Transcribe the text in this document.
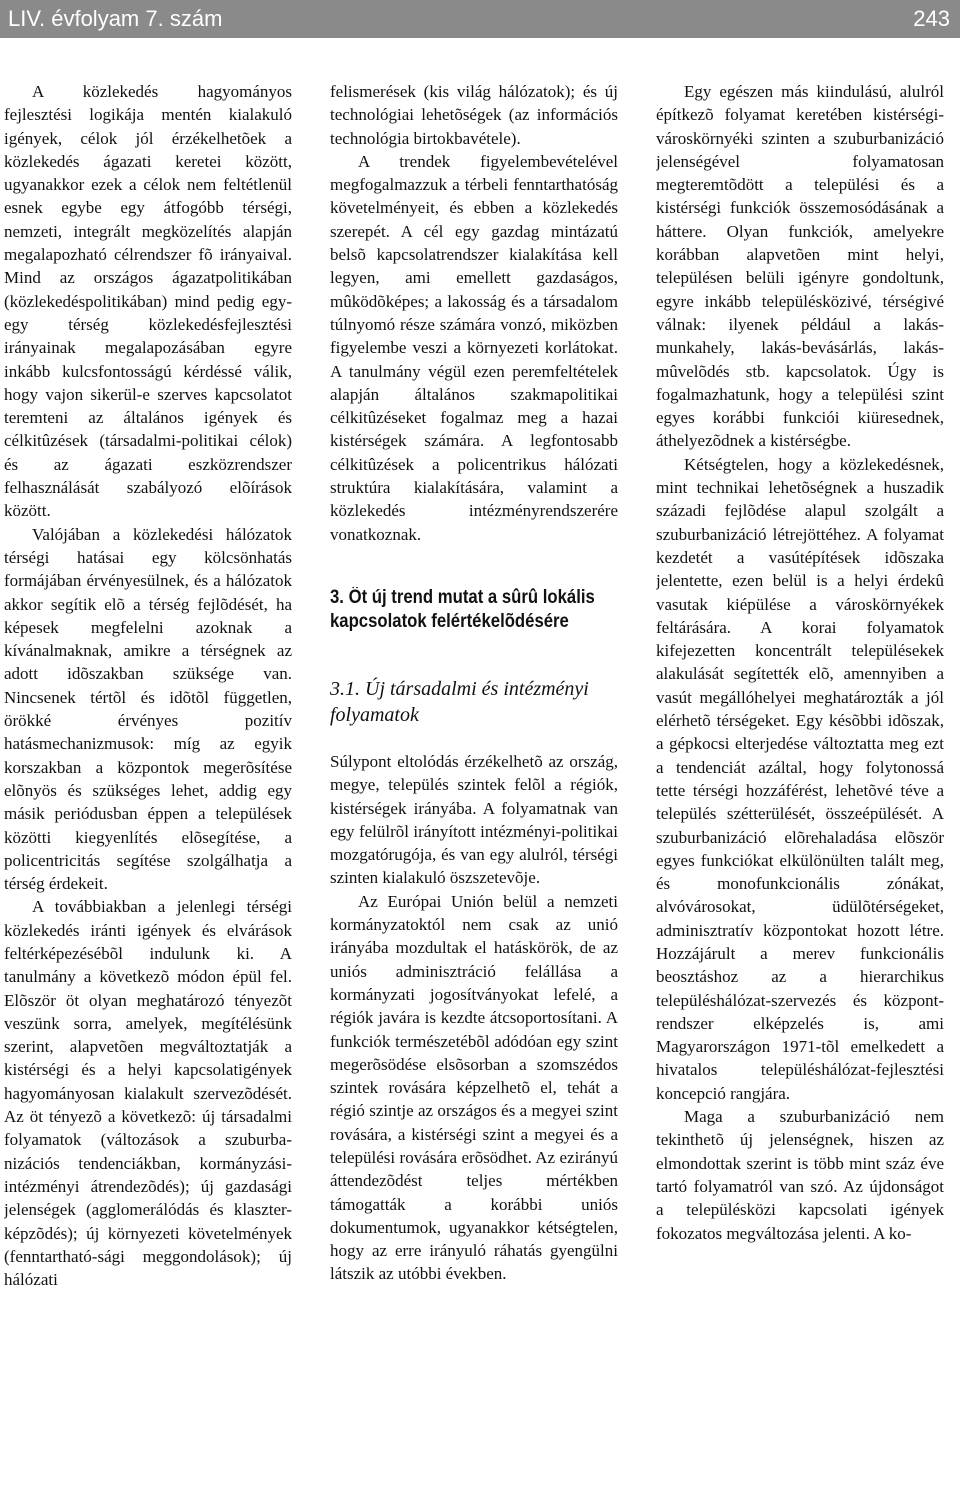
LIV. évfolyam 7. szám	243

A közlekedés hagyományos fejlesztési logikája mentén kialakuló igények, célok jól érzékelhetõek a közlekedés ágazati keretei között, ugyanakkor ezek a célok nem feltétlenül esnek egybe egy átfogóbb térségi, nemzeti, integrált megközelítés alapján megalapozható célrendszer fõ irányaival. Mind az országos ágazatpolitikában (közlekedéspolitikában) mind pedig egy-egy térség közlekedésfejlesztési irányainak megalapozásában egyre inkább kulcsfontosságú kérdéssé válik, hogy vajon sikerül-e szerves kapcsolatot teremteni az általános igények és célkitûzések (társadalmi-politikai célok) és az ágazati eszközrendszer felhasználását szabályozó elõírások között.

Valójában a közlekedési hálózatok térségi hatásai egy kölcsönhatás formájában érvényesülnek, és a hálózatok akkor segítik elõ a térség fejlõdését, ha képesek megfelelni azoknak a kívánalmaknak, amikre a térségnek az adott idõszakban szüksége van. Nincsenek tértõl és idõtõl független, örökké érvényes pozitív hatásmechanizmusok: míg az egyik korszakban a központok megerõsítése elõnyös és szükséges lehet, addig egy másik periódusban éppen a települések közötti kiegyenlítés elõsegítése, a policentricitás segítése szolgálhatja a térség érdekeit.

A továbbiakban a jelenlegi térségi közlekedés iránti igények és elvárások feltérképezésébõl indulunk ki. A tanulmány a következõ módon épül fel. Elõször öt olyan meghatározó tényezõt veszünk sorra, amelyek, megítélésünk szerint, alapvetõen megváltoztatják a kistérségi és a helyi kapcsolatigények hagyományosan kialakult szervezõdését. Az öt tényezõ a következõ: új társadalmi folyamatok (változások a szuburba-nizációs tendenciákban, kormányzási-intézményi átrendezõdés); új gazdasági jelenségek (agglomerálódás és klaszter-képzõdés); új környezeti követelmények (fenntartható-sági meggondolások); új hálózati

felismerések (kis világ hálózatok); és új technológiai lehetõségek (az információs technológia birtokbavétele).

A trendek figyelembevételével megfogalmazzuk a térbeli fenntarthatóság követelményeit, és ebben a közlekedés szerepét. A cél egy gazdag mintázatú belsõ kapcsolatrendszer kialakítása kell legyen, ami emellett gazdaságos, mûködõképes; a lakosság és a társadalom túlnyomó része számára vonzó, miközben figyelembe veszi a környezeti korlátokat. A tanulmány végül ezen peremfeltételek alapján általános szakmapolitikai célkitûzéseket fogalmaz meg a hazai kistérségek számára. A legfontosabb célkitûzések a policentrikus hálózati struktúra kialakítására, valamint a közlekedés intézményrendszerére vonatkoznak.

3. Öt új trend mutat a sûrû lokális kapcsolatok felértékelõdésére
3.1. Új társadalmi és intézményi folyamatok

Súlypont eltolódás érzékelhetõ az ország, megye, település szintek felõl a régiók, kistérségek irányába. A folyamatnak van egy felülrõl irányított intézményi-politikai mozgatórugója, és van egy alulról, térségi szinten kialakuló öszszetevõje.

Az Európai Unión belül a nemzeti kormányzatoktól nem csak az unió irányába mozdultak el hatáskörök, de az uniós adminisztráció felállása a kormányzati jogosítványokat lefelé, a régiók javára is kezdte átcsoportosítani. A funkciók természetébõl adódóan egy szint megerõsödése elsõsorban a szomszédos szintek rovására képzelhetõ el, tehát a régió szintje az országos és a megyei szint rovására, a kistérségi szint a megyei és a települési rovására erõsödhet. Az ezirányú áttendezõdést teljes mértékben támogatták a korábbi uniós dokumentumok, ugyanakkor kétségtelen, hogy az erre irányuló ráhatás gyengülni látszik az utóbbi években.

Egy egészen más kiindulású, alulról építkezõ folyamat keretében kistérségi-városkörnyéki szinten a szuburbanizáció jelenségével folyamatosan megteremtõdött a települési és a kistérségi funkciók összemosódásának a háttere. Olyan funkciók, amelyekre korábban alapvetõen mint helyi, településen belüli igényre gondoltunk, egyre inkább településközivé, térségivé válnak: ilyenek például a lakás-munkahely, lakás-bevásárlás, lakás-mûvelõdés stb. kapcsolatok. Úgy is fogalmazhatunk, hogy a települési szint egyes korábbi funkciói kiüresednek, áthelyezõdnek a kistérségbe.

Kétségtelen, hogy a közlekedésnek, mint technikai lehetõségnek a huszadik századi fejlõdése alapul szolgált a szuburbanizáció létrejöttéhez. A folyamat kezdetét a vasútépítések idõszaka jelentette, ezen belül is a helyi érdekû vasutak kiépülése a városkörnyékek feltárására. A korai folyamatok kifejezetten koncentrált településekek alakulását segítették elõ, amennyiben a vasút megállóhelyei meghatározták a jól elérhetõ térségeket. Egy késõbbi idõszak, a gépkocsi elterjedése változtatta meg ezt a tendenciát azáltal, hogy folytonossá tette térségi hozzáférést, lehetõvé téve a település szétterülését, összeépülését. A szuburbanizáció elõrehaladása elõször egyes funkciókat elkülönülten talált meg, és monofunkcionális zónákat, alvóvárosokat, üdülõtérségeket, adminisztratív központokat hozott létre. Hozzájárult a merev funkcionális beosztáshoz az a hierarchikus településhálózat-szervezés és központ-rendszer elképzelés is, ami Magyarországon 1971-tõl emelkedett a hivatalos településhálózat-fejlesztési koncepció rangjára.

Maga a szuburbanizáció nem tekinthetõ új jelenségnek, hiszen az elmondottak szerint is több mint száz éve tartó folyamatról van szó. Az újdonságot a településközi kapcsolati igények fokozatos megváltozása jelenti. A ko-
